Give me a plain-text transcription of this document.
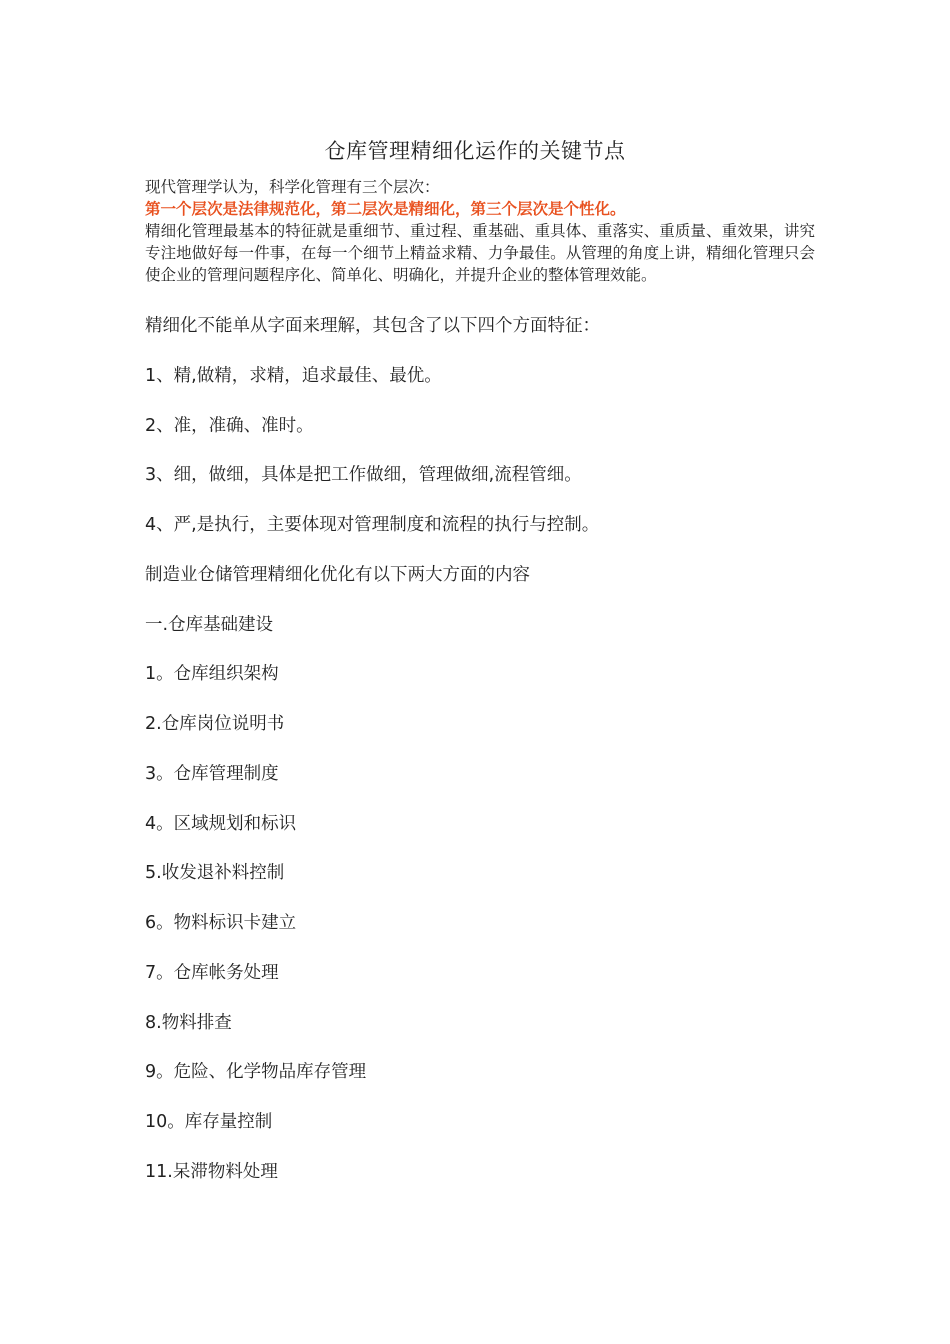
仓库管理精细化运作的关键节点

现代管理学认为，科学化管理有三个层次：

第一个层次是法律规范化，第二层次是精细化，第三个层次是个性化。

精细化管理最基本的特征就是重细节、重过程、重基础、重具体、重落实、重质量、重效果，讲究专注地做好每一件事，在每一个细节上精益求精、力争最佳。从管理的角度上讲，精细化管理只会使企业的管理问题程序化、简单化、明确化，并提升企业的整体管理效能。

精细化不能单从字面来理解，其包含了以下四个方面特征：

1、精,做精，求精，追求最佳、最优。

2、准，准确、准时。

3、细，做细，具体是把工作做细，管理做细,流程管细。

4、严,是执行，主要体现对管理制度和流程的执行与控制。

制造业仓储管理精细化优化有以下两大方面的内容

一.仓库基础建设

1。仓库组织架构

2.仓库岗位说明书

3。仓库管理制度

4。区域规划和标识

5.收发退补料控制

6。物料标识卡建立

7。仓库帐务处理

8.物料排查

9。危险、化学物品库存管理

10。库存量控制

11.呆滞物料处理
